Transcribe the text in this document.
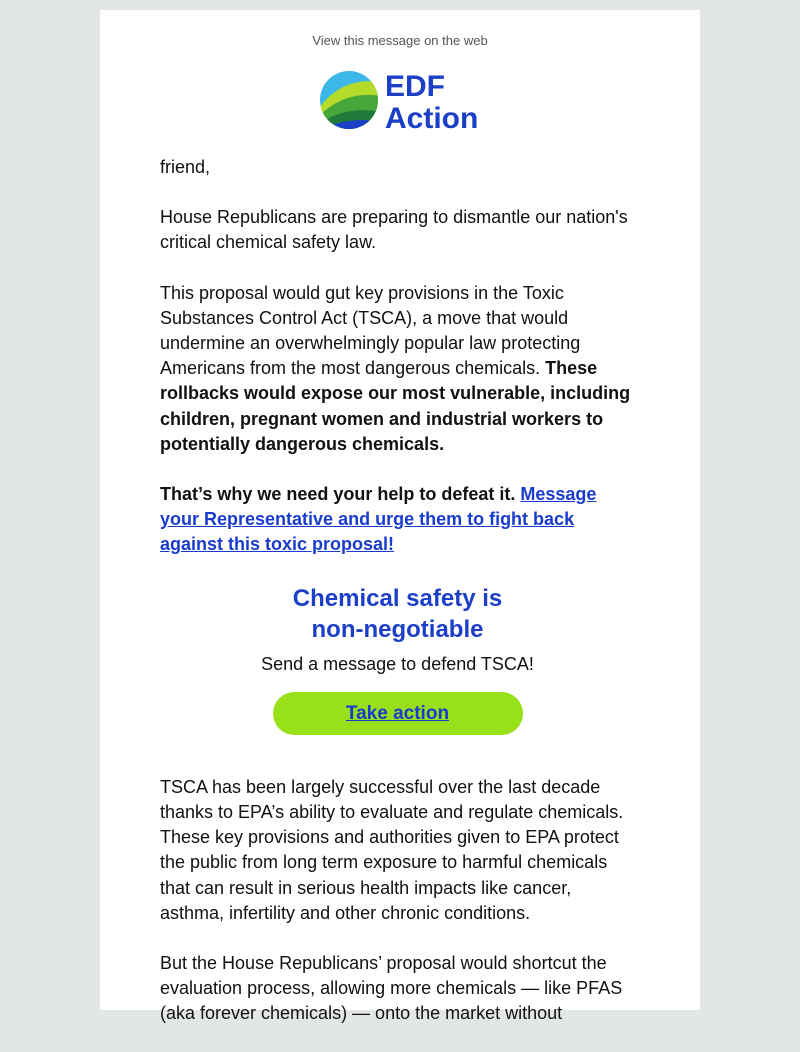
View this message on the web
EDF
Action

friend,

House Republicans are preparing to dismantle our nation's critical chemical safety law.

This proposal would gut key provisions in the Toxic Substances Control Act (TSCA), a move that would undermine an overwhelmingly popular law protecting Americans from the most dangerous chemicals. These rollbacks would expose our most vulnerable, including children, pregnant women and industrial workers to potentially dangerous chemicals.

That’s why we need your help to defeat it. Message your Representative and urge them to fight back against this toxic proposal!

Chemical safety is non-negotiable
Send a message to defend TSCA!
Take action

TSCA has been largely successful over the last decade thanks to EPA’s ability to evaluate and regulate chemicals. These key provisions and authorities given to EPA protect the public from long term exposure to harmful chemicals that can result in serious health impacts like cancer, asthma, infertility and other chronic conditions.

But the House Republicans’ proposal would shortcut the evaluation process, allowing more chemicals — like PFAS (aka forever chemicals) — onto the market without
